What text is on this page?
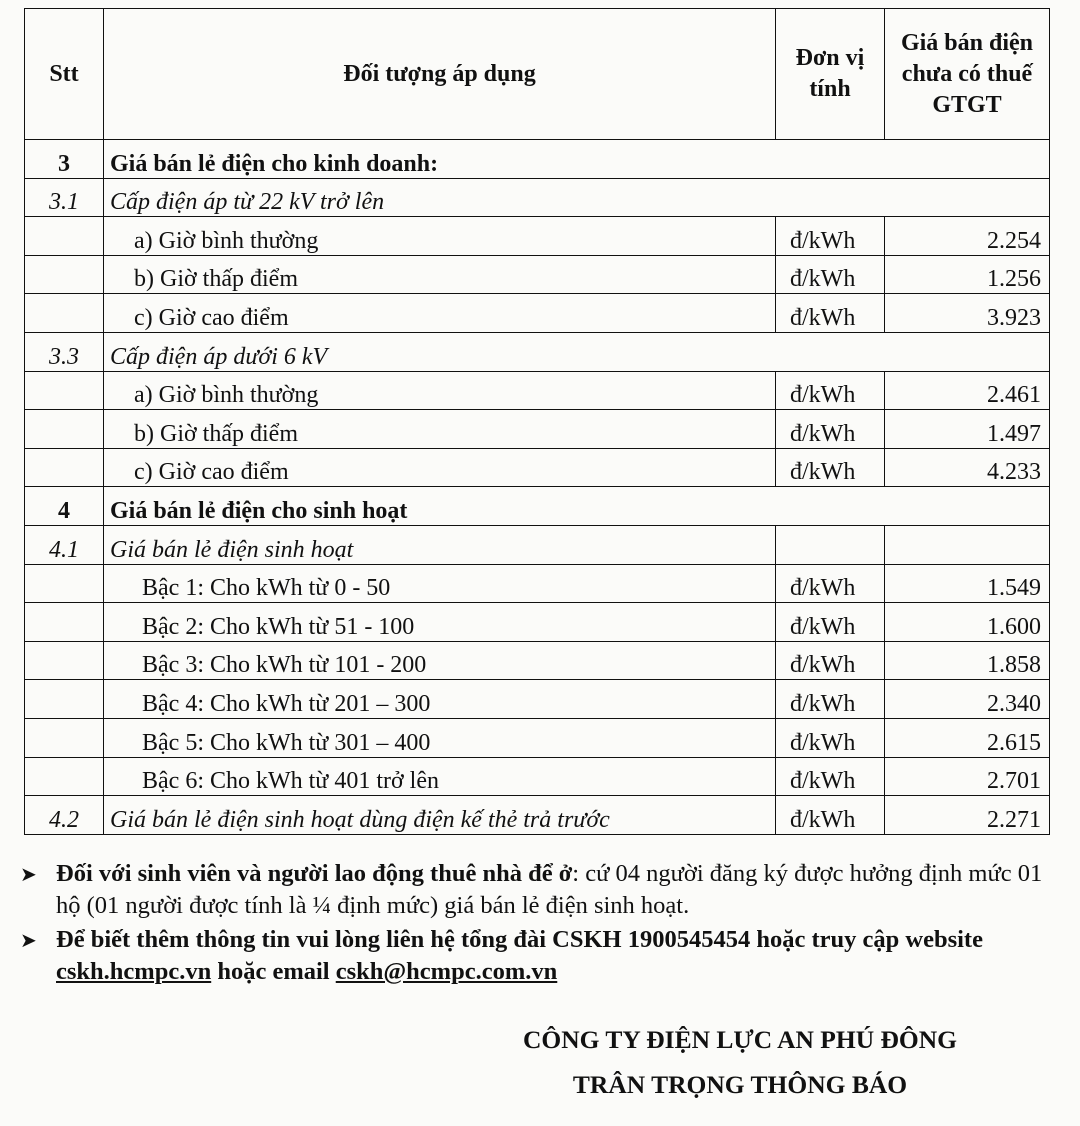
Stt	Đối tượng áp dụng	Đơn vị tính	Giá bán điện chưa có thuế GTGT
3	Giá bán lẻ điện cho kinh doanh:		
3.1	Cấp điện áp từ 22 kV trở lên		
	a) Giờ bình thường	đ/kWh	2.254
	b) Giờ thấp điểm	đ/kWh	1.256
	c) Giờ cao điểm	đ/kWh	3.923
3.3	Cấp điện áp dưới 6 kV		
	a) Giờ bình thường	đ/kWh	2.461
	b) Giờ thấp điểm	đ/kWh	1.497
	c) Giờ cao điểm	đ/kWh	4.233
4	Giá bán lẻ điện cho sinh hoạt		
4.1	Giá bán lẻ điện sinh hoạt		
	Bậc 1: Cho kWh từ 0 - 50	đ/kWh	1.549
	Bậc 2: Cho kWh từ 51 - 100	đ/kWh	1.600
	Bậc 3: Cho kWh từ 101 - 200	đ/kWh	1.858
	Bậc 4: Cho kWh từ 201 – 300	đ/kWh	2.340
	Bậc 5: Cho kWh từ 301 – 400	đ/kWh	2.615
	Bậc 6: Cho kWh từ 401 trở lên	đ/kWh	2.701
4.2	Giá bán lẻ điện sinh hoạt dùng điện kế thẻ trả trước	đ/kWh	2.271
➤ Đối với sinh viên và người lao động thuê nhà để ở: cứ 04 người đăng ký được hưởng định mức 01 hộ (01 người được tính là ¼ định mức) giá bán lẻ điện sinh hoạt.
➤ Để biết thêm thông tin vui lòng liên hệ tổng đài CSKH 1900545454 hoặc truy cập website cskh.hcmpc.vn hoặc email cskh@hcmpc.com.vn
CÔNG TY ĐIỆN LỰC AN PHÚ ĐÔNG
TRÂN TRỌNG THÔNG BÁO
